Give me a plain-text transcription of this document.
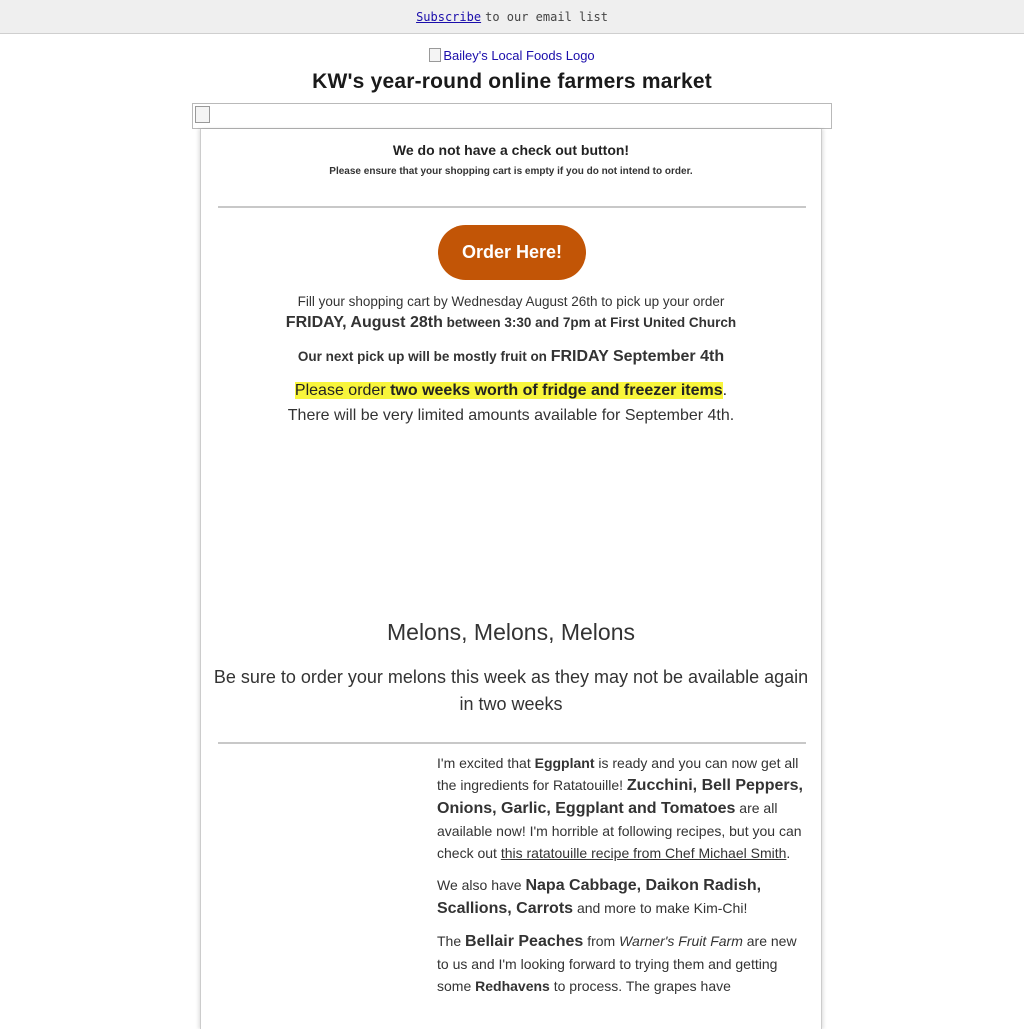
Subscribe to our email list
Bailey's Local Foods Logo
KW's year-round online farmers market
We do not have a check out button!
Please ensure that your shopping cart is empty if you do not intend to order.
Order Here!
Fill your shopping cart by Wednesday August 26th to pick up your order
FRIDAY, August 28th between 3:30 and 7pm at First United Church
Our next pick up will be mostly fruit on FRIDAY September 4th
Please order two weeks worth of fridge and freezer items.
There will be very limited amounts available for September 4th.
Melons, Melons, Melons
Be sure to order your melons this week as they may not be available again in two weeks

I'm excited that Eggplant is ready and you can now get all the ingredients for Ratatouille! Zucchini, Bell Peppers, Onions, Garlic, Eggplant and Tomatoes are all available now! I'm horrible at following recipes, but you can check out this ratatouille recipe from Chef Michael Smith.

We also have Napa Cabbage, Daikon Radish, Scallions, Carrots and more to make Kim-Chi!

The Bellair Peaches from Warner's Fruit Farm are new to us and I'm looking forward to trying them and getting some Redhavens to process. The grapes have
